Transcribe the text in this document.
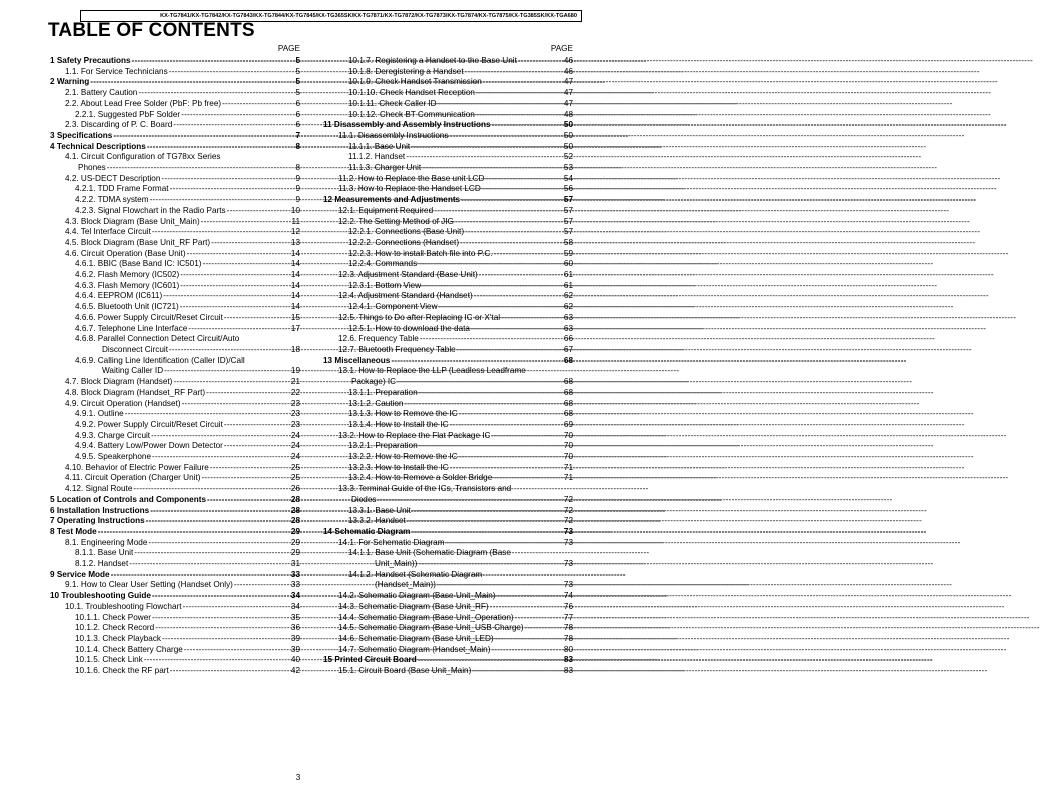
KX-TG7841/KX-TG7842/KX-TG7843/KX-TG7844/KX-TG7845/KX-TG365SK/KX-TG7871/KX-TG7872/KX-TG7873/KX-TG7874/KX-TG7875/KX-TG385SK/KX-TGA680
TABLE OF CONTENTS
PAGE
1 Safety Precautions -----	5
1.1. For Service Technicians -----	5
2 Warning -----	5
2.1. Battery Caution -----	5
2.2. About Lead Free Solder (PbF: Pb free) -----	6
2.2.1. Suggested PbF Solder -----	6
2.3. Discarding of P. C. Board -----	6
3 Specifications -----	7
4 Technical Descriptions -----	8
4.1. Circuit Configuration of TG78xx Series
Phones -----	8
4.2. US-DECT Description -----	9
4.2.1. TDD Frame Format -----	9
4.2.2. TDMA system -----	9
4.2.3. Signal Flowchart in the Radio Parts -----	10
4.3. Block Diagram (Base Unit_Main) -----	11
4.4. Tel Interface Circuit -----	12
4.5. Block Diagram (Base Unit_RF Part) -----	13
4.6. Circuit Operation (Base Unit) -----	14
4.6.1. BBIC (Base Band IC: IC501) -----	14
4.6.2. Flash Memory (IC502) -----	14
4.6.3. Flash Memory (IC601) -----	14
4.6.4. EEPROM (IC611) -----	14
4.6.5. Bluetooth Unit (IC721) -----	14
4.6.6. Power Supply Circuit/Reset Circuit -----	15
4.6.7. Telephone Line Interface -----	17
4.6.8. Parallel Connection Detect Circuit/Auto
Disconnect Circuit -----	18
4.6.9. Calling Line Identification (Caller ID)/Call
Waiting Caller ID -----	19
4.7. Block Diagram (Handset) -----	21
4.8. Block Diagram (Handset_RF Part) -----	22
4.9. Circuit Operation (Handset) -----	23
4.9.1. Outline -----	23
4.9.2. Power Supply Circuit/Reset Circuit -----	23
4.9.3. Charge Circuit -----	24
4.9.4. Battery Low/Power Down Detector -----	24
4.9.5. Speakerphone -----	24
4.10. Behavior of Electric Power Failure -----	25
4.11. Circuit Operation (Charger Unit) -----	25
4.12. Signal Route -----	26
5 Location of Controls and Components -----	28
6 Installation Instructions -----	28
7 Operating Instructions -----	28
8 Test Mode -----	29
8.1. Engineering Mode -----	29
8.1.1. Base Unit -----	29
8.1.2. Handset -----	31
9 Service Mode -----	33
9.1. How to Clear User Setting (Handset Only) -----	33
10 Troubleshooting Guide -----	34
10.1. Troubleshooting Flowchart -----	34
10.1.1. Check Power -----	35
10.1.2. Check Record -----	36
10.1.3. Check Playback -----	39
10.1.4. Check Battery Charge -----	39
10.1.5. Check Link -----	40
10.1.6. Check the RF part -----	42
PAGE
10.1.7. Registering a Handset to the Base Unit -----	46
10.1.8. Deregistering a Handset -----	46
10.1.9. Check Handset Transmission -----	47
10.1.10. Check Handset Reception -----	47
10.1.11. Check Caller ID -----	47
10.1.12. Check BT Communication -----	48
11 Disassembly and Assembly Instructions -----	50
11.1. Disassembly Instructions -----	50
11.1.1. Base Unit -----	50
11.1.2. Handset -----	52
11.1.3. Charger Unit -----	53
11.2. How to Replace the Base unit LCD -----	54
11.3. How to Replace the Handset LCD -----	56
12 Measurements and Adjustments -----	57
12.1. Equipment Required -----	57
12.2. The Setting Method of JIG -----	57
12.2.1. Connections (Base Unit) -----	57
12.2.2. Connections (Handset) -----	58
12.2.3. How to install Batch file into P.C. -----	59
12.2.4. Commands -----	60
12.3. Adjustment Standard (Base Unit) -----	61
12.3.1. Bottom View -----	61
12.4. Adjustment Standard (Handset) -----	62
12.4.1. Component View -----	62
12.5. Things to Do after Replacing IC or X'tal -----	63
12.5.1. How to download the data -----	63
12.6. Frequency Table -----	66
12.7. Bluetooth Frequency Table -----	67
13 Miscellaneous -----	68
13.1. How to Replace the LLP (Leadless Leadframe
Package) IC -----	68
13.1.1. Preparation -----	68
13.1.2. Caution -----	68
13.1.3. How to Remove the IC -----	68
13.1.4. How to Install the IC -----	69
13.2. How to Replace the Flat Package IC -----	70
13.2.1. Preparation -----	70
13.2.2. How to Remove the IC -----	70
13.2.3. How to Install the IC -----	71
13.2.4. How to Remove a Solder Bridge -----	71
13.3. Terminal Guide of the ICs, Transistors and
Diodes -----	72
13.3.1. Base Unit -----	72
13.3.2. Handset -----	72
14 Schematic Diagram -----	73
14.1. For Schematic Diagram -----	73
14.1.1. Base Unit (Schematic Diagram (Base
Unit_Main)) -----	73
14.1.2. Handset (Schematic Diagram
(Handset_Main)) -----	73
14.2. Schematic Diagram (Base Unit_Main) -----	74
14.3. Schematic Diagram (Base Unit_RF) -----	76
14.4. Schematic Diagram (Base Unit_Operation) -----	77
14.5. Schematic Diagram (Base Unit_USB Charge) -----	78
14.6. Schematic Diagram (Base Unit_LED) -----	78
14.7. Schematic Diagram (Handset_Main) -----	80
15 Printed Circuit Board -----	83
15.1. Circuit Board (Base Unit_Main) -----	83
3
